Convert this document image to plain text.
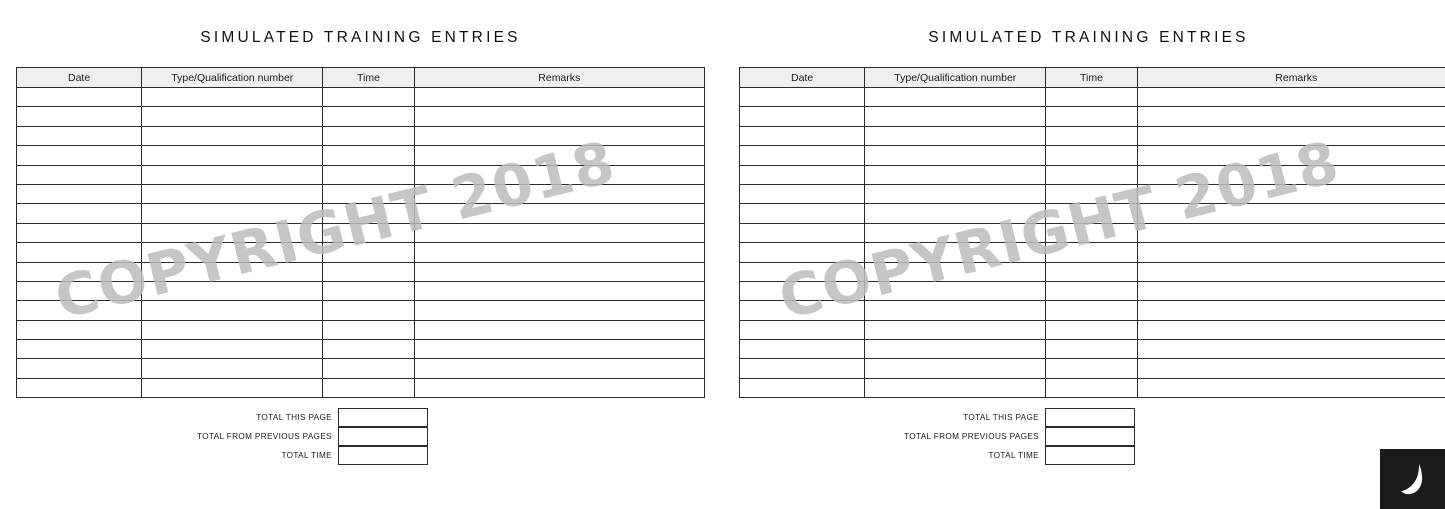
SIMULATED TRAINING ENTRIES
Date	Type/Qualification number	Time	Remarks

TOTAL THIS PAGE
TOTAL FROM PREVIOUS PAGES
TOTAL TIME
SIMULATED TRAINING ENTRIES
Date	Type/Qualification number	Time	Remarks

TOTAL THIS PAGE
TOTAL FROM PREVIOUS PAGES
TOTAL TIME
COPYRIGHT 2018	COPYRIGHT 2018
